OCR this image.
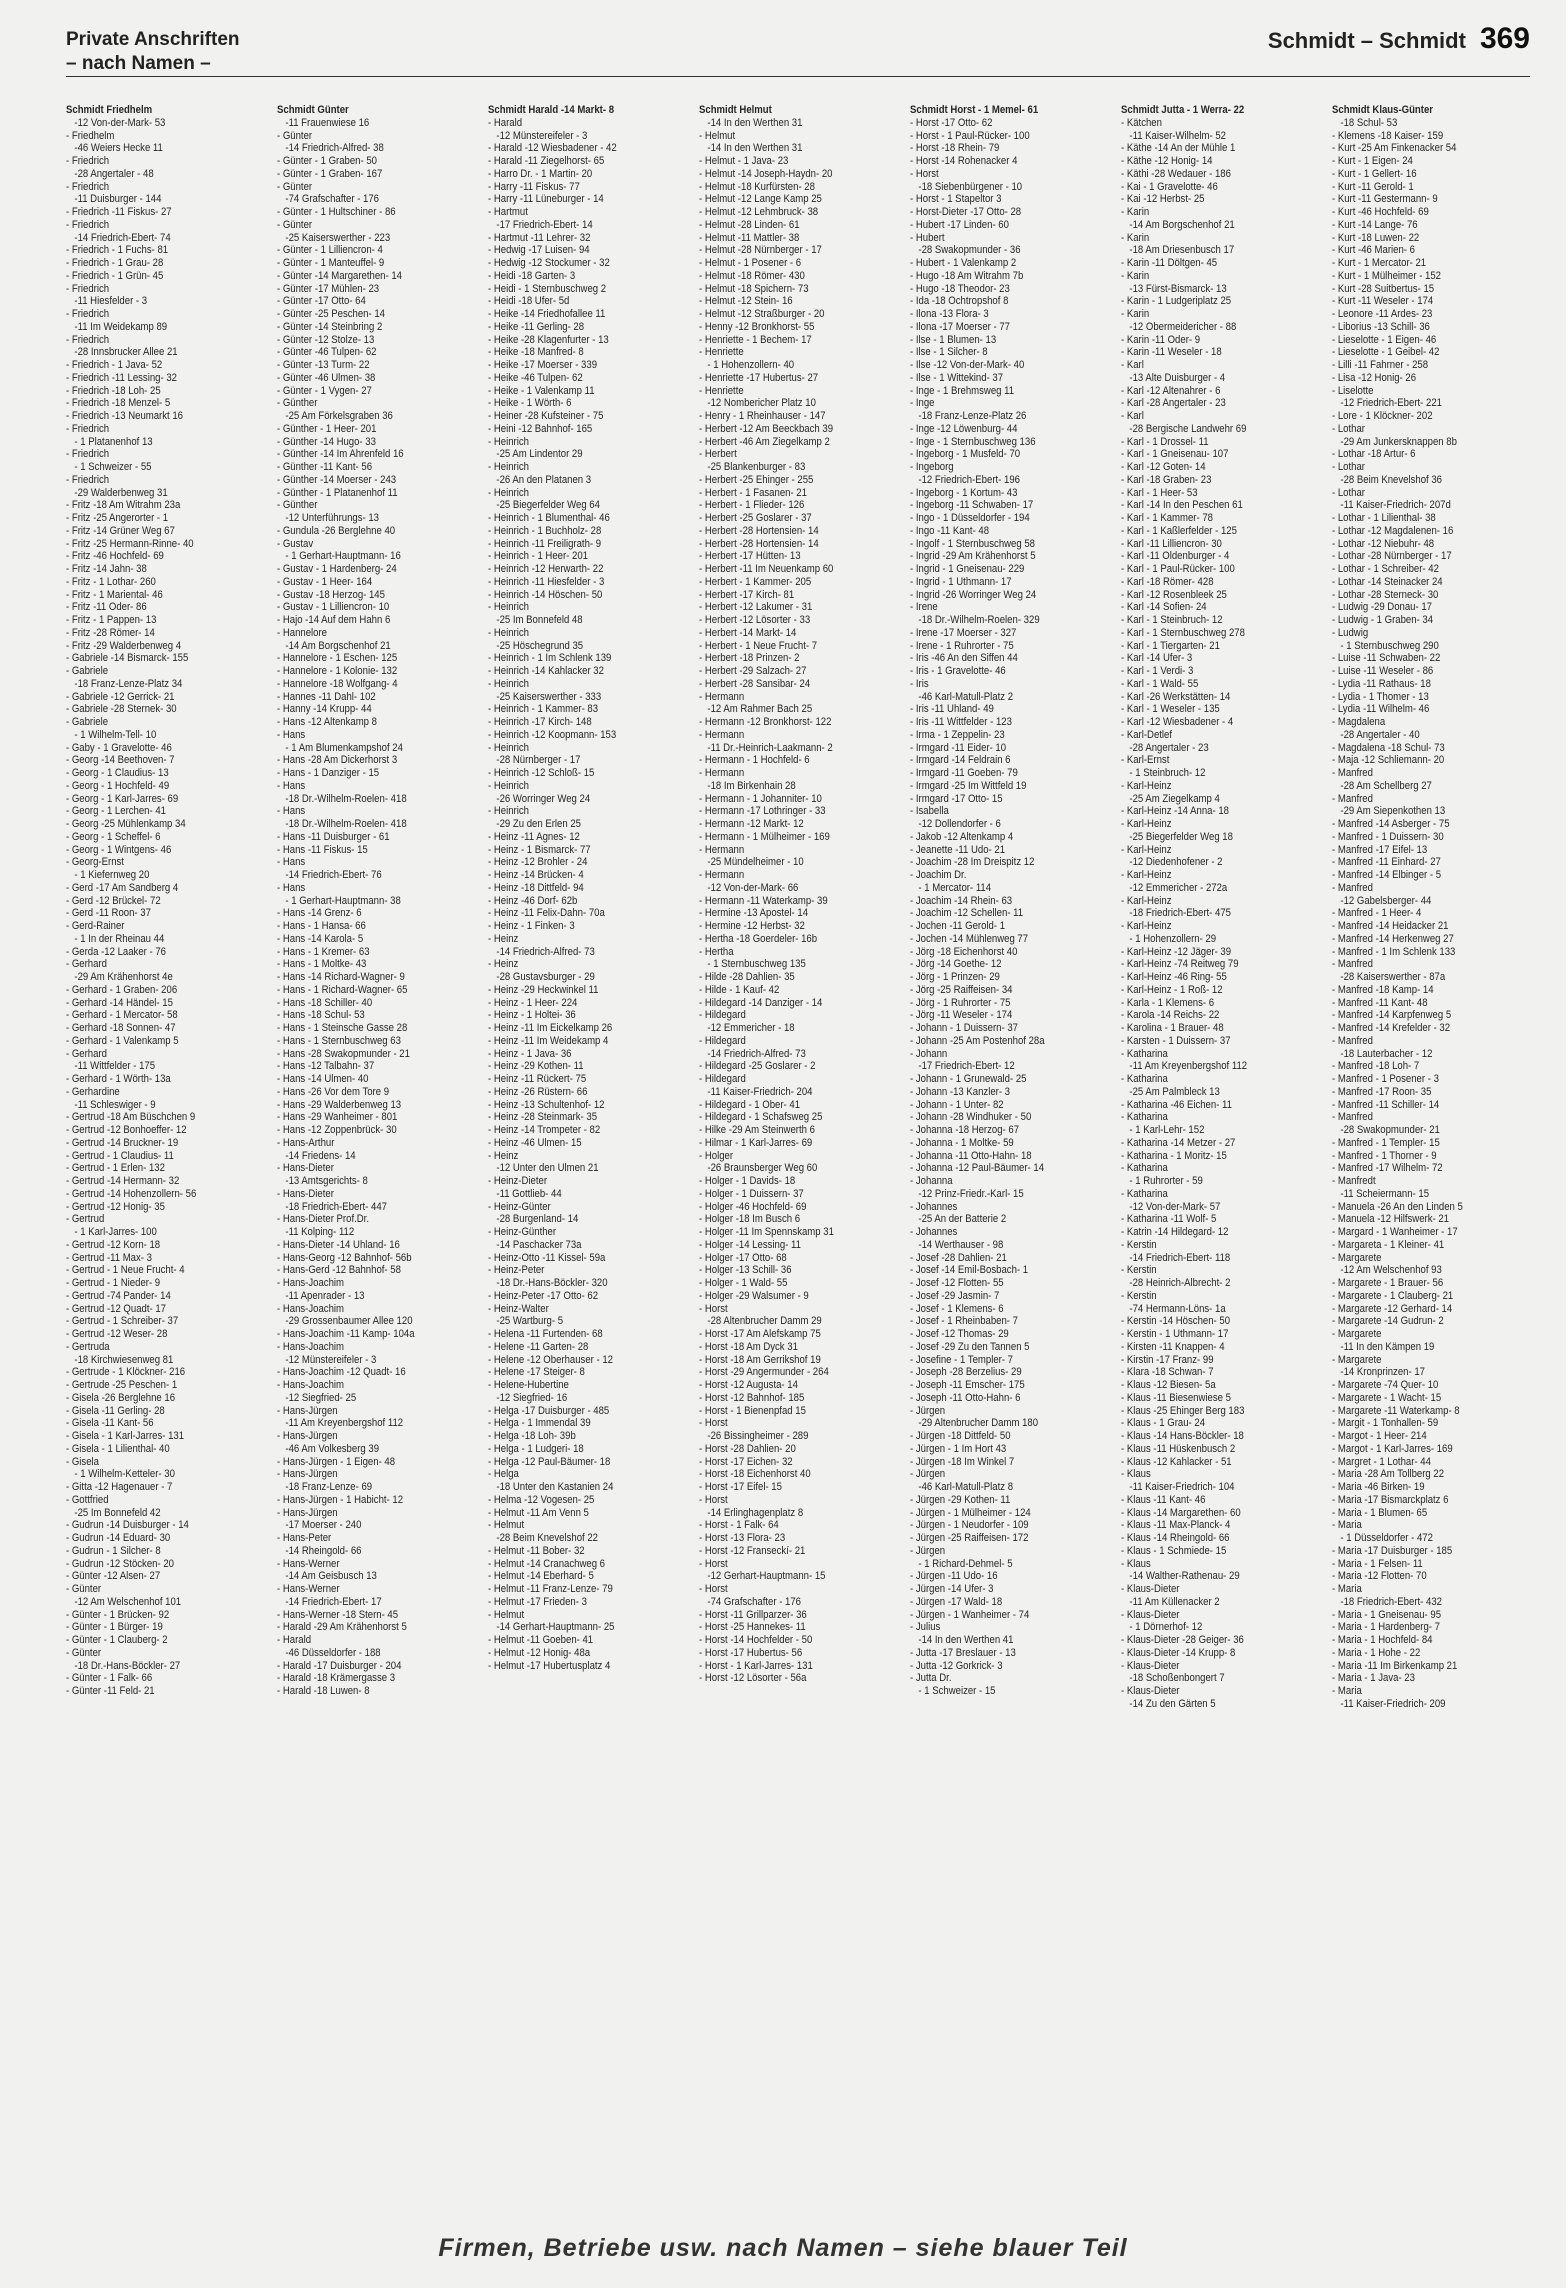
Private Anschriften
– nach Namen –
Schmidt – Schmidt 369
Schmidt Friedhelm
-12 Von-der-Mark- 53
- Friedhelm
-46 Weiers Hecke 11
- Friedrich
-28 Angertaler - 48
- Friedrich
-11 Duisburger - 144
- Friedrich -11 Fiskus- 27
- Friedrich
-14 Friedrich-Ebert- 74
- Friedrich - 1 Fuchs- 81
- Friedrich - 1 Grau- 28
- Friedrich - 1 Grün- 45
- Friedrich
-11 Hiesfelder - 3
- Friedrich
-11 Im Weidekamp 89
- Friedrich
-28 Innsbrucker Allee 21
- Friedrich - 1 Java- 52
- Friedrich -11 Lessing- 32
- Friedrich -18 Loh- 25
- Friedrich -18 Menzel- 5
- Friedrich -13 Neumarkt 16
- Friedrich
- 1 Platanenhof 13
- Friedrich
- 1 Schweizer - 55
- Friedrich
-29 Walderbenweg 31
- Fritz -18 Am Witrahm 23a
- Fritz -25 Angerorter - 1
- Fritz -14 Grüner Weg 67
- Fritz -25 Hermann-Rinne- 40
- Fritz -46 Hochfeld- 69
- Fritz -14 Jahn- 38
- Fritz - 1 Lothar- 260
- Fritz - 1 Mariental- 46
- Fritz -11 Oder- 86
- Fritz - 1 Pappen- 13
- Fritz -28 Römer- 14
- Fritz -29 Walderbenweg 4
- Gabriele -14 Bismarck- 155
- Gabriele
-18 Franz-Lenze-Platz 34
- Gabriele -12 Gerrick- 21
- Gabriele -28 Sternek- 30
- Gabriele
- 1 Wilhelm-Tell- 10
- Gaby - 1 Gravelotte- 46
- Georg -14 Beethoven- 7
- Georg - 1 Claudius- 13
- Georg - 1 Hochfeld- 49
- Georg - 1 Karl-Jarres- 69
- Georg - 1 Lerchen- 41
- Georg -25 Mühlenkamp 34
- Georg - 1 Scheffel- 6
- Georg - 1 Wintgens- 46
- Georg-Ernst
- 1 Kiefernweg 20
- Gerd -17 Am Sandberg 4
- Gerd -12 Brückel- 72
- Gerd -11 Roon- 37
- Gerd-Rainer
- 1 In der Rheinau 44
- Gerda -12 Laaker - 76
- Gerhard
-29 Am Krähenhorst 4e
- Gerhard - 1 Graben- 206
- Gerhard -14 Händel- 15
- Gerhard - 1 Mercator- 58
- Gerhard -18 Sonnen- 47
- Gerhard - 1 Valenkamp 5
- Gerhard
-11 Wittfelder - 175
- Gerhard - 1 Wörth- 13a
- Gerhardine
-11 Schleswiger - 9
- Gertrud -18 Am Büschchen 9
- Gertrud -12 Bonhoeffer- 12
- Gertrud -14 Bruckner- 19
- Gertrud - 1 Claudius- 11
- Gertrud - 1 Erlen- 132
- Gertrud -14 Hermann- 32
- Gertrud -14 Hohenzollern- 56
- Gertrud -12 Honig- 35
- Gertrud
- 1 Karl-Jarres- 100
- Gertrud -12 Korn- 18
- Gertrud -11 Max- 3
- Gertrud - 1 Neue Frucht- 4
- Gertrud - 1 Nieder- 9
- Gertrud -74 Pander- 14
- Gertrud -12 Quadt- 17
- Gertrud - 1 Schreiber- 37
- Gertrud -12 Weser- 28
- Gertruda
-18 Kirchwiesenweg 81
- Gertrude - 1 Klöckner- 216
- Gertrude -25 Peschen- 1
- Gisela -26 Berglehne 16
- Gisela -11 Gerling- 28
- Gisela -11 Kant- 56
- Gisela - 1 Karl-Jarres- 131
- Gisela - 1 Lilienthal- 40
- Gisela
- 1 Wilhelm-Ketteler- 30
- Gitta -12 Hagenauer - 7
- Gottfried
-25 Im Bonnefeld 42
- Gudrun -14 Duisburger - 14
- Gudrun -14 Eduard- 30
- Gudrun - 1 Silcher- 8
- Gudrun -12 Stöcken- 20
- Günter -12 Alsen- 27
- Günter
-12 Am Welschenhof 101
- Günter - 1 Brücken- 92
- Günter - 1 Bürger- 19
- Günter - 1 Clauberg- 2
- Günter
-18 Dr.-Hans-Böckler- 27
- Günter - 1 Falk- 66
- Günter -11 Feld- 21
Schmidt Günter
-11 Frauenwiese 16
- Günter
-14 Friedrich-Alfred- 38
- Günter - 1 Graben- 50
- Günter - 1 Graben- 167
- Günter
-74 Grafschafter - 176
- Günter - 1 Hultschiner - 86
- Günter
-25 Kaiserswerther - 223
- Günter - 1 Lilliencron- 4
- Günter - 1 Manteuffel- 9
- Günter -14 Margarethen- 14
- Günter -17 Mühlen- 23
- Günter -17 Otto- 64
- Günter -25 Peschen- 14
- Günter -14 Steinbring 2
- Günter -12 Stolze- 13
- Günter -46 Tulpen- 62
- Günter -13 Turm- 22
- Günter -46 Ulmen- 38
- Günter - 1 Vygen- 27
- Günther
-25 Am Förkelsgraben 36
- Günther - 1 Heer- 201
- Günther -14 Hugo- 33
- Günther -14 Im Ahrenfeld 16
- Günther -11 Kant- 56
- Günther -14 Moerser - 243
- Günther - 1 Platanenhof 11
- Günther
-12 Unterführungs- 13
- Gundula -26 Berglehne 40
- Gustav
- 1 Gerhart-Hauptmann- 16
- Gustav - 1 Hardenberg- 24
- Gustav - 1 Heer- 164
- Gustav -18 Herzog- 145
- Gustav - 1 Lilliencron- 10
- Hajo -14 Auf dem Hahn 6
- Hannelore
-14 Am Borgschenhof 21
- Hannelore - 1 Eschen- 125
- Hannelore - 1 Kolonie- 132
- Hannelore -18 Wolfgang- 4
- Hannes -11 Dahl- 102
- Hanny -14 Krupp- 44
- Hans -12 Altenkamp 8
- Hans
- 1 Am Blumenkampshof 24
- Hans -28 Am Dickerhorst 3
- Hans - 1 Danziger - 15
- Hans
-18 Dr.-Wilhelm-Roelen- 418
- Hans
-18 Dr.-Wilhelm-Roelen- 418
- Hans -11 Duisburger - 61
- Hans -11 Fiskus- 15
- Hans
-14 Friedrich-Ebert- 76
- Hans
- 1 Gerhart-Hauptmann- 38
- Hans -14 Grenz- 6
- Hans - 1 Hansa- 66
- Hans -14 Karola- 5
- Hans - 1 Kremer- 63
- Hans - 1 Moltke- 43
- Hans -14 Richard-Wagner- 9
- Hans - 1 Richard-Wagner- 65
- Hans -18 Schiller- 40
- Hans -18 Schul- 53
- Hans - 1 Steinsche Gasse 28
- Hans - 1 Sternbuschweg 63
- Hans -28 Swakopmunder - 21
- Hans -12 Talbahn- 37
- Hans -14 Ulmen- 40
- Hans -26 Vor dem Tore 9
- Hans -29 Walderbenweg 13
- Hans -29 Wanheimer - 801
- Hans -12 Zoppenbrück- 30
- Hans-Arthur
-14 Friedens- 14
- Hans-Dieter
-13 Amtsgerichts- 8
- Hans-Dieter
-18 Friedrich-Ebert- 447
- Hans-Dieter Prof.Dr.
-11 Kolping- 112
- Hans-Dieter -14 Uhland- 16
- Hans-Georg -12 Bahnhof- 56b
- Hans-Gerd -12 Bahnhof- 58
- Hans-Joachim
-11 Apenrader - 13
- Hans-Joachim
-29 Grossenbaumer Allee 120
- Hans-Joachim -11 Kamp- 104a
- Hans-Joachim
-12 Münstereifeler - 3
- Hans-Joachim -12 Quadt- 16
- Hans-Joachim
-12 Siegfried- 25
- Hans-Jürgen
-11 Am Kreyenbergshof 112
- Hans-Jürgen
-46 Am Volkesberg 39
- Hans-Jürgen - 1 Eigen- 48
- Hans-Jürgen
-18 Franz-Lenze- 69
- Hans-Jürgen - 1 Habicht- 12
- Hans-Jürgen
-17 Moerser - 240
- Hans-Peter
-14 Rheingold- 66
- Hans-Werner
-14 Am Geisbusch 13
- Hans-Werner
-14 Friedrich-Ebert- 17
- Hans-Werner -18 Stern- 45
- Harald -29 Am Krähenhorst 5
- Harald
-46 Düsseldorfer - 188
- Harald -17 Duisburger - 204
- Harald -18 Krämergasse 3
- Harald -18 Luwen- 8
Schmidt Harald -14 Markt- 8
- Harald
-12 Münstereifeler - 3
- Harald -12 Wiesbadener - 42
- Harald -11 Ziegelhorst- 65
- Harro Dr. - 1 Martin- 20
- Harry -11 Fiskus- 77
- Harry -11 Lüneburger - 14
- Hartmut
-17 Friedrich-Ebert- 14
- Hartmut -11 Lehrer- 32
- Hedwig -17 Luisen- 94
- Hedwig -12 Stockumer - 32
- Heidi -18 Garten- 3
- Heidi - 1 Sternbuschweg 2
- Heidi -18 Ufer- 5d
- Heike -14 Friedhofallee 11
- Heike -11 Gerling- 28
- Heike -28 Klagenfurter - 13
- Heike -18 Manfred- 8
- Heike -17 Moerser - 339
- Heike -46 Tulpen- 62
- Heike - 1 Valenkamp 11
- Heike - 1 Wörth- 6
- Heiner -28 Kufsteiner - 75
- Heini -12 Bahnhof- 165
- Heinrich
-25 Am Lindentor 29
- Heinrich
-26 An den Platanen 3
- Heinrich
-25 Biegerfelder Weg 64
- Heinrich - 1 Blumenthal- 46
- Heinrich - 1 Buchholz- 28
- Heinrich -11 Freiligrath- 9
- Heinrich - 1 Heer- 201
- Heinrich -12 Herwarth- 22
- Heinrich -11 Hiesfelder - 3
- Heinrich -14 Höschen- 50
- Heinrich
-25 Im Bonnefeld 48
- Heinrich
-25 Höschegrund 35
- Heinrich - 1 Im Schlenk 139
- Heinrich -14 Kahlacker 32
- Heinrich
-25 Kaiserswerther - 333
- Heinrich - 1 Kammer- 83
- Heinrich -17 Kirch- 148
- Heinrich -12 Koopmann- 153
- Heinrich
-28 Nürnberger - 17
- Heinrich -12 Schloß- 15
- Heinrich
-26 Worringer Weg 24
- Heinrich
-29 Zu den Erlen 25
- Heinz -11 Agnes- 12
- Heinz - 1 Bismarck- 77
- Heinz -12 Brohler - 24
- Heinz -14 Brücken- 4
- Heinz -18 Dittfeld- 94
- Heinz -46 Dorf- 62b
- Heinz -11 Felix-Dahn- 70a
- Heinz - 1 Finken- 3
- Heinz
-14 Friedrich-Alfred- 73
- Heinz
-28 Gustavsburger - 29
- Heinz -29 Heckwinkel 11
- Heinz - 1 Heer- 224
- Heinz - 1 Holtei- 36
- Heinz -11 Im Eickelkamp 26
- Heinz -11 Im Weidekamp 4
- Heinz - 1 Java- 36
- Heinz -29 Kothen- 11
- Heinz -11 Rückert- 75
- Heinz -26 Rüstern- 66
- Heinz -13 Schultenhof- 12
- Heinz -28 Steinmark- 35
- Heinz -14 Trompeter - 82
- Heinz -46 Ulmen- 15
- Heinz
-12 Unter den Ulmen 21
- Heinz-Dieter
-11 Gottlieb- 44
- Heinz-Günter
-28 Burgenland- 14
- Heinz-Günther
-14 Paschacker 73a
- Heinz-Otto -11 Kissel- 59a
- Heinz-Peter
-18 Dr.-Hans-Böckler- 320
- Heinz-Peter -17 Otto- 62
- Heinz-Walter
-25 Wartburg- 5
- Helena -11 Furtenden- 68
- Helene -11 Garten- 28
- Helene -12 Oberhauser - 12
- Helene -17 Steiger- 8
- Helene-Hubertine
-12 Siegfried- 16
- Helga -17 Duisburger - 485
- Helga - 1 Immendal 39
- Helga -18 Loh- 39b
- Helga - 1 Ludgeri- 18
- Helga -12 Paul-Bäumer- 18
- Helga
-18 Unter den Kastanien 24
- Helma -12 Vogesen- 25
- Helmut -11 Am Venn 5
- Helmut
-28 Beim Knevelshof 22
- Helmut -11 Bober- 32
- Helmut -14 Cranachweg 6
- Helmut -14 Eberhard- 5
- Helmut -11 Franz-Lenze- 79
- Helmut -17 Frieden- 3
- Helmut
-14 Gerhart-Hauptmann- 25
- Helmut -11 Goeben- 41
- Helmut -12 Honig- 48a
- Helmut -17 Hubertusplatz 4
Schmidt Helmut
-14 In den Werthen 31
- Helmut
-14 In den Werthen 31
- Helmut - 1 Java- 23
- Helmut -14 Joseph-Haydn- 20
- Helmut -18 Kurfürsten- 28
- Helmut -12 Lange Kamp 25
- Helmut -12 Lehmbruck- 38
- Helmut -28 Linden- 61
- Helmut -11 Mattler- 38
- Helmut -28 Nürnberger - 17
- Helmut - 1 Posener - 6
- Helmut -18 Römer- 430
- Helmut -18 Spichern- 73
- Helmut -12 Stein- 16
- Helmut -12 Straßburger - 20
- Henny -12 Bronkhorst- 55
- Henriette - 1 Bechem- 17
- Henriette
- 1 Hohenzollern- 40
- Henriette -17 Hubertus- 27
- Henriette
-12 Nombericher Platz 10
- Henry - 1 Rheinhauser - 147
- Herbert -12 Am Beeckbach 39
- Herbert -46 Am Ziegelkamp 2
- Herbert
-25 Blankenburger - 83
- Herbert -25 Ehinger - 255
- Herbert - 1 Fasanen- 21
- Herbert - 1 Flieder- 126
- Herbert -25 Goslarer - 37
- Herbert -28 Hortensien- 14
- Herbert -28 Hortensien- 14
- Herbert -17 Hütten- 13
- Herbert -11 Im Neuenkamp 60
- Herbert - 1 Kammer- 205
- Herbert -17 Kirch- 81
- Herbert -12 Lakumer - 31
- Herbert -12 Lösorter - 33
- Herbert -14 Markt- 14
- Herbert - 1 Neue Frucht- 7
- Herbert -18 Prinzen- 2
- Herbert -29 Salzach- 27
- Herbert -28 Sansibar- 24
- Hermann
-12 Am Rahmer Bach 25
- Hermann -12 Bronkhorst- 122
- Hermann
-11 Dr.-Heinrich-Laakmann- 2
- Hermann - 1 Hochfeld- 6
- Hermann
-18 Im Birkenhain 28
- Hermann - 1 Johanniter- 10
- Hermann -17 Lothringer - 33
- Hermann -12 Markt- 12
- Hermann - 1 Mülheimer - 169
- Hermann
-25 Mündelheimer - 10
- Hermann
-12 Von-der-Mark- 66
- Hermann -11 Waterkamp- 39
- Hermine -13 Apostel- 14
- Hermine -12 Herbst- 32
- Hertha -18 Goerdeler- 16b
- Hertha
- 1 Sternbuschweg 135
- Hilde -28 Dahlien- 35
- Hilde - 1 Kauf- 42
- Hildegard -14 Danziger - 14
- Hildegard
-12 Emmericher - 18
- Hildegard
-14 Friedrich-Alfred- 73
- Hildegard -25 Goslarer - 2
- Hildegard
-11 Kaiser-Friedrich- 204
- Hildegard - 1 Ober- 41
- Hildegard - 1 Schafsweg 25
- Hilke -29 Am Steinwerth 6
- Hilmar - 1 Karl-Jarres- 69
- Holger
-26 Braunsberger Weg 60
- Holger - 1 Davids- 18
- Holger - 1 Duissern- 37
- Holger -46 Hochfeld- 69
- Holger -18 Im Busch 6
- Holger -11 Im Spennskamp 31
- Holger -14 Lessing- 11
- Holger -17 Otto- 68
- Holger -13 Schill- 36
- Holger - 1 Wald- 55
- Holger -29 Walsumer - 9
- Horst
-28 Altenbrucher Damm 29
- Horst -17 Am Alefskamp 75
- Horst -18 Am Dyck 31
- Horst -18 Am Gerrikshof 19
- Horst -29 Angermunder - 264
- Horst -12 Augusta- 14
- Horst -12 Bahnhof- 185
- Horst - 1 Bienenpfad 15
- Horst
-26 Bissingheimer - 289
- Horst -28 Dahlien- 20
- Horst -17 Eichen- 32
- Horst -18 Eichenhorst 40
- Horst -17 Eifel- 15
- Horst
-14 Erlinghagenplatz 8
- Horst - 1 Falk- 64
- Horst -13 Flora- 23
- Horst -12 Franseckí- 21
- Horst
-12 Gerhart-Hauptmann- 15
- Horst
-74 Grafschafter - 176
- Horst -11 Grillparzer- 36
- Horst -25 Hannekes- 11
- Horst -14 Hochfelder - 50
- Horst -17 Hubertus- 56
- Horst - 1 Karl-Jarres- 131
- Horst -12 Lösorter - 56a
Schmidt Horst - 1 Memel- 61
- Horst -17 Otto- 62
- Horst - 1 Paul-Rücker- 100
- Horst -18 Rhein- 79
- Horst -14 Rohenacker 4
- Horst
-18 Siebenbürgener - 10
- Horst - 1 Stapeltor 3
- Horst-Dieter -17 Otto- 28
- Hubert -17 Linden- 60
- Hubert
-28 Swakopmunder - 36
- Hubert - 1 Valenkamp 2
- Hugo -18 Am Witrahm 7b
- Hugo -18 Theodor- 23
- Ida -18 Ochtropshof 8
- Ilona -13 Flora- 3
- Ilona -17 Moerser - 77
- Ilse - 1 Blumen- 13
- Ilse - 1 Silcher- 8
- Ilse -12 Von-der-Mark- 40
- Ilse - 1 Wittekind- 37
- Inge - 1 Brehmsweg 11
- Inge
-18 Franz-Lenze-Platz 26
- Inge -12 Löwenburg- 44
- Inge - 1 Sternbuschweg 136
- Ingeborg - 1 Musfeld- 70
- Ingeborg
-12 Friedrich-Ebert- 196
- Ingeborg - 1 Kortum- 43
- Ingeborg -11 Schwaben- 17
- Ingo - 1 Düsseldorfer - 194
- Ingo -11 Kant- 48
- Ingolf - 1 Sternbuschweg 58
- Ingrid -29 Am Krähenhorst 5
- Ingrid - 1 Gneisenau- 229
- Ingrid - 1 Uthmann- 17
- Ingrid -26 Worringer Weg 24
- Irene
-18 Dr.-Wilhelm-Roelen- 329
- Irene -17 Moerser - 327
- Irene - 1 Ruhrorter - 75
- Iris -46 An den Siffen 44
- Iris - 1 Gravelotte- 46
- Iris
-46 Karl-Matull-Platz 2
- Iris -11 Uhland- 49
- Iris -11 Wittfelder - 123
- Irma - 1 Zeppelin- 23
- Irmgard -11 Eider- 10
- Irmgard -14 Feldrain 6
- Irmgard -11 Goeben- 79
- Irmgard -25 Im Wittfeld 19
- Irmgard -17 Otto- 15
- Isabella
-12 Dollendorfer - 6
- Jakob -12 Altenkamp 4
- Jeanette -11 Udo- 21
- Joachim -28 Im Dreispitz 12
- Joachim Dr.
- 1 Mercator- 114
- Joachim -14 Rhein- 63
- Joachim -12 Schellen- 11
- Jochen -11 Gerold- 1
- Jochen -14 Mühlenweg 77
- Jörg -18 Eichenhorst 40
- Jörg -14 Goethe- 12
- Jörg - 1 Prinzen- 29
- Jörg -25 Raiffeisen- 34
- Jörg - 1 Ruhrorter - 75
- Jörg -11 Weseler - 174
- Johann - 1 Duissern- 37
- Johann -25 Am Postenhof 28a
- Johann
-17 Friedrich-Ebert- 12
- Johann - 1 Grunewald- 25
- Johann -13 Kanzler- 3
- Johann - 1 Unter- 82
- Johann -28 Windhuker - 50
- Johanna -18 Herzog- 67
- Johanna - 1 Moltke- 59
- Johanna -11 Otto-Hahn- 18
- Johanna -12 Paul-Bäumer- 14
- Johanna
-12 Prinz-Friedr.-Karl- 15
- Johannes
-25 An der Batterie 2
- Johannes
-14 Werthauser - 98
- Josef -28 Dahlien- 21
- Josef -14 Emil-Bosbach- 1
- Josef -12 Flotten- 55
- Josef -29 Jasmin- 7
- Josef - 1 Klemens- 6
- Josef - 1 Rheinbaben- 7
- Josef -12 Thomas- 29
- Josef -29 Zu den Tannen 5
- Josefine - 1 Templer- 7
- Joseph -28 Berzelius- 29
- Joseph -11 Emscher- 175
- Joseph -11 Otto-Hahn- 6
- Jürgen
-29 Altenbrucher Damm 180
- Jürgen -18 Dittfeld- 50
- Jürgen - 1 Im Hort 43
- Jürgen -18 Im Winkel 7
- Jürgen
-46 Karl-Matull-Platz 8
- Jürgen -29 Kothen- 11
- Jürgen - 1 Mülheimer - 124
- Jürgen - 1 Neudorfer - 109
- Jürgen -25 Raiffeisen- 172
- Jürgen
- 1 Richard-Dehmel- 5
- Jürgen -11 Udo- 16
- Jürgen -14 Ufer- 3
- Jürgen -17 Wald- 18
- Jürgen - 1 Wanheimer - 74
- Julius
-14 In den Werthen 41
- Jutta -17 Breslauer - 13
- Jutta -12 Gorkrick- 3
- Jutta Dr.
- 1 Schweizer - 15
Schmidt Jutta - 1 Werra- 22
- Kätchen
-11 Kaiser-Wilhelm- 52
- Käthe -14 An der Mühle 1
- Käthe -12 Honig- 14
- Käthi -28 Wedauer - 186
- Kai - 1 Gravelotte- 46
- Kai -12 Herbst- 25
- Karin
-14 Am Borgschenhof 21
- Karin
-18 Am Driesenbusch 17
- Karin -11 Döltgen- 45
- Karin
-13 Fürst-Bismarck- 13
- Karin - 1 Ludgeriplatz 25
- Karin
-12 Obermeidericher - 88
- Karin -11 Oder- 9
- Karin -11 Weseler - 18
- Karl
-13 Alte Duisburger - 4
- Karl -12 Altenahrer - 6
- Karl -28 Angertaler - 23
- Karl
-28 Bergische Landwehr 69
- Karl - 1 Drossel- 11
- Karl - 1 Gneisenau- 107
- Karl -12 Goten- 14
- Karl -18 Graben- 23
- Karl - 1 Heer- 53
- Karl -14 In den Peschen 61
- Karl - 1 Kammer- 78
- Karl - 1 Kaßlerfelder - 125
- Karl -11 Lilliencron- 30
- Karl -11 Oldenburger - 4
- Karl - 1 Paul-Rücker- 100
- Karl -18 Römer- 428
- Karl -12 Rosenbleek 25
- Karl -14 Sofien- 24
- Karl - 1 Steinbruch- 12
- Karl - 1 Sternbuschweg 278
- Karl - 1 Tiergarten- 21
- Karl -14 Ufer- 3
- Karl - 1 Verdi- 3
- Karl - 1 Wald- 55
- Karl -26 Werkstätten- 14
- Karl - 1 Weseler - 135
- Karl -12 Wiesbadener - 4
- Karl-Detlef
-28 Angertaler - 23
- Karl-Ernst
- 1 Steinbruch- 12
- Karl-Heinz
-25 Am Ziegelkamp 4
- Karl-Heinz -14 Anna- 18
- Karl-Heinz
-25 Biegerfelder Weg 18
- Karl-Heinz
-12 Diedenhofener - 2
- Karl-Heinz
-12 Emmericher - 272a
- Karl-Heinz
-18 Friedrich-Ebert- 475
- Karl-Heinz
- 1 Hohenzollern- 29
- Karl-Heinz -12 Jäger- 39
- Karl-Heinz -74 Reitweg 79
- Karl-Heinz -46 Ring- 55
- Karl-Heinz - 1 Roß- 12
- Karla - 1 Klemens- 6
- Karola -14 Reichs- 22
- Karolina - 1 Brauer- 48
- Karsten - 1 Duissern- 37
- Katharina
-11 Am Kreyenbergshof 112
- Katharina
-25 Am Palmbleck 13
- Katharina -46 Eichen- 11
- Katharina
- 1 Karl-Lehr- 152
- Katharina -14 Metzer - 27
- Katharina - 1 Moritz- 15
- Katharina
- 1 Ruhrorter - 59
- Katharina
-12 Von-der-Mark- 57
- Katharina -11 Wolf- 5
- Katrin -14 Hildegard- 12
- Kerstin
-14 Friedrich-Ebert- 118
- Kerstin
-28 Heinrich-Albrecht- 2
- Kerstin
-74 Hermann-Löns- 1a
- Kerstin -14 Höschen- 50
- Kerstin - 1 Uthmann- 17
- Kirsten -11 Knappen- 4
- Kirstin -17 Franz- 99
- Klara -18 Schwan- 7
- Klaus -12 Biesen- 5a
- Klaus -11 Biesenwiese 5
- Klaus -25 Ehinger Berg 183
- Klaus - 1 Grau- 24
- Klaus -14 Hans-Böckler- 18
- Klaus -11 Hüskenbusch 2
- Klaus -12 Kahlacker - 51
- Klaus
-11 Kaiser-Friedrich- 104
- Klaus -11 Kant- 46
- Klaus -14 Margarethen- 60
- Klaus -11 Max-Planck- 4
- Klaus -14 Rheingold- 66
- Klaus - 1 Schmiede- 15
- Klaus
-14 Walther-Rathenau- 29
- Klaus-Dieter
-11 Am Küllenacker 2
- Klaus-Dieter
- 1 Dörnerhof- 12
- Klaus-Dieter -28 Geiger- 36
- Klaus-Dieter -14 Krupp- 8
- Klaus-Dieter
-18 Schoßenbongert 7
- Klaus-Dieter
-14 Zu den Gärten 5
Schmidt Klaus-Günter
-18 Schul- 53
- Klemens -18 Kaiser- 159
- Kurt -25 Am Finkenacker 54
- Kurt - 1 Eigen- 24
- Kurt - 1 Gellert- 16
- Kurt -11 Gerold- 1
- Kurt -11 Gestermann- 9
- Kurt -46 Hochfeld- 69
- Kurt -14 Lange- 76
- Kurt -18 Luwen- 22
- Kurt -46 Marien- 6
- Kurt - 1 Mercator- 21
- Kurt - 1 Mülheimer - 152
- Kurt -28 Suitbertus- 15
- Kurt -11 Weseler - 174
- Leonore -11 Ardes- 23
- Liborius -13 Schill- 36
- Lieselotte - 1 Eigen- 46
- Lieselotte - 1 Geibel- 42
- Lilli -11 Fahrner - 258
- Lisa -12 Honig- 26
- Liselotte
-12 Friedrich-Ebert- 221
- Lore - 1 Klöckner- 202
- Lothar
-29 Am Junkersknappen 8b
- Lothar -18 Artur- 6
- Lothar
-28 Beim Knevelshof 36
- Lothar
-11 Kaiser-Friedrich- 207d
- Lothar - 1 Lilienthal- 38
- Lothar -12 Magdalenen- 16
- Lothar -12 Niebuhr- 48
- Lothar -28 Nürnberger - 17
- Lothar - 1 Schreiber- 42
- Lothar -14 Steinacker 24
- Lothar -28 Sterneck- 30
- Ludwig -29 Donau- 17
- Ludwig - 1 Graben- 34
- Ludwig
- 1 Sternbuschweg 290
- Luise -11 Schwaben- 22
- Luise -11 Weseler - 86
- Lydia -11 Rathaus- 18
- Lydia - 1 Thomer - 13
- Lydia -11 Wilhelm- 46
- Magdalena
-28 Angertaler - 40
- Magdalena -18 Schul- 73
- Maja -12 Schliemann- 20
- Manfred
-28 Am Schellberg 27
- Manfred
-29 Am Siepenkothen 13
- Manfred -14 Asberger - 75
- Manfred - 1 Duissern- 30
- Manfred -17 Eifel- 13
- Manfred -11 Einhard- 27
- Manfred -14 Elbinger - 5
- Manfred
-12 Gabelsberger- 44
- Manfred - 1 Heer- 4
- Manfred -14 Heidacker 21
- Manfred -14 Herkenweg 27
- Manfred - 1 Im Schlenk 133
- Manfred
-28 Kaiserswerther - 87a
- Manfred -18 Kamp- 14
- Manfred -11 Kant- 48
- Manfred -14 Karpfenweg 5
- Manfred -14 Krefelder - 32
- Manfred
-18 Lauterbacher - 12
- Manfred -18 Loh- 7
- Manfred - 1 Posener - 3
- Manfred -17 Roon- 35
- Manfred -11 Schiller- 14
- Manfred
-28 Swakopmunder- 21
- Manfred - 1 Templer- 15
- Manfred - 1 Thorner - 9
- Manfred -17 Wilhelm- 72
- Manfredt
-11 Scheiermann- 15
- Manuela -26 An den Linden 5
- Manuela -12 Hilfswerk- 21
- Margard - 1 Wanheimer - 17
- Margareta - 1 Kleiner- 41
- Margarete
-12 Am Welschenhof 93
- Margarete - 1 Brauer- 56
- Margarete - 1 Clauberg- 21
- Margarete -12 Gerhard- 14
- Margarete -14 Gudrun- 2
- Margarete
-11 In den Kämpen 19
- Margarete
-14 Kronprinzen- 17
- Margarete -74 Quer- 10
- Margarete - 1 Wacht- 15
- Margarete -11 Waterkamp- 8
- Margit - 1 Tonhallen- 59
- Margot - 1 Heer- 214
- Margot - 1 Karl-Jarres- 169
- Margret - 1 Lothar- 44
- Maria -28 Am Tollberg 22
- Maria -46 Birken- 19
- Maria -17 Bismarckplatz 6
- Maria - 1 Blumen- 65
- Maria
- 1 Düsseldorfer - 472
- Maria -17 Duisburger - 185
- Maria - 1 Felsen- 11
- Maria -12 Flotten- 70
- Maria
-18 Friedrich-Ebert- 432
- Maria - 1 Gneisenau- 95
- Maria - 1 Hardenberg- 7
- Maria - 1 Hochfeld- 84
- Maria - 1 Hohe - 22
- Maria -11 Im Birkenkamp 21
- Maria - 1 Java- 23
- Maria
-11 Kaiser-Friedrich- 209
Firmen, Betriebe usw. nach Namen – siehe blauer Teil
